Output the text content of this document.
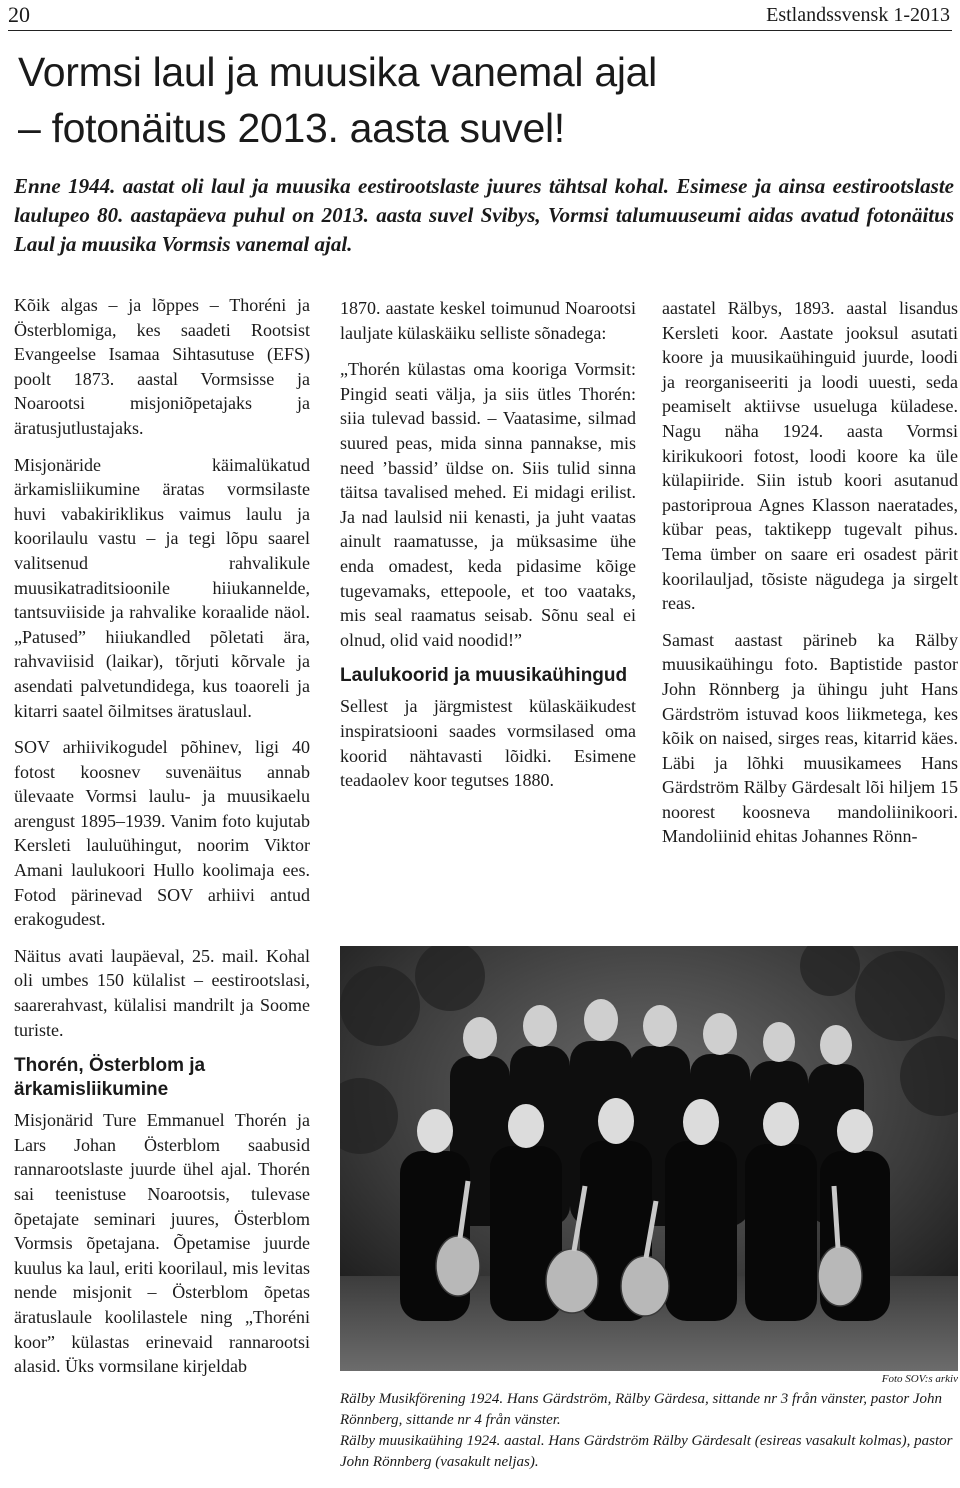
20	Estlandssvensk 1-2013
Vormsi laul ja muusika vanemal ajal
– fotonäitus 2013. aasta suvel!

Enne 1944. aastat oli laul ja muusika eestirootslaste juures tähtsal kohal. Esimese ja ainsa eestirootslaste laulupeo 80. aastapäeva puhul on 2013. aasta suvel Svibys, Vormsi talumuuseumi aidas avatud fotonäitus Laul ja muusika Vormsis vanemal ajal.

Kõik algas – ja lõppes – Thoréni ja Österblomiga, kes saadeti Rootsist Evangeelse Isamaa Sihtasutuse (EFS) poolt 1873. aastal Vormsisse ja Noarootsi misjoniõpetajaks ja äratusjutlustajaks.

Misjonäride käimalükatud ärkamisliikumine äratas vormsilaste huvi vabakiriklikus vaimus laulu ja koorilaulu vastu – ja tegi lõpu saarel valitsenud rahvalikule muusikatraditsioonile hiiukannelde, tantsuviiside ja rahvalike koraalide näol. „Patused” hiiukandled põletati ära, rahvaviisid (laikar), tõrjuti kõrvale ja asendati palvetundidega, kus toaoreli ja kitarri saatel õilmitses äratuslaul.

SOV arhiivikogudel põhinev, ligi 40 fotost koosnev suvenäitus annab ülevaate Vormsi laulu- ja muusikaelu arengust 1895–1939. Vanim foto kujutab Kersleti lauluühingut, noorim Viktor Amani laulukoori Hullo koolimaja ees. Fotod pärinevad SOV arhiivi antud erakogudest.

Näitus avati laupäeval, 25. mail. Kohal oli umbes 150 külalist – eestirootslasi, saarerahvast, külalisi mandrilt ja Soome turiste.

Thorén, Österblom ja ärkamisliikumine

Misjonärid Ture Emmanuel Thorén ja Lars Johan Österblom saabusid rannarootslaste juurde ühel ajal. Thorén sai teenistuse Noarootsis, tulevase õpetajate seminari juures, Österblom Vormsis õpetajana. Õpetamise juurde kuulus ka laul, eriti koorilaul, mis levitas nende misjonit – Österblom õpetas äratuslaule koolilastele ning „Thoréni koor” külastas erinevaid rannarootsi alasid. Üks vormsilane kirjeldab

1870. aastate keskel toimunud Noarootsi lauljate külaskäiku selliste sõnadega:

„Thorén külastas oma kooriga Vormsit: Pingid seati välja, ja siis ütles Thorén: siia tulevad bassid. – Vaatasime, silmad suured peas, mida sinna pannakse, mis need ’bassid’ üldse on. Siis tulid sinna täitsa tavalised mehed. Ei midagi erilist. Ja nad laulsid nii kenasti, ja juht vaatas ainult raamatusse, ja müksasime ühe enda omadest, keda pidasime kõige tugevamaks, ettepoole, et too vaataks, mis seal raamatus seisab. Sõnu seal ei olnud, olid vaid noodid!”

Laulukoorid ja muusikaühingud

Sellest ja järgmistest külaskäikudest inspiratsiooni saades vormsilased oma koorid nähtavasti lõidki. Esimene teadaolev koor tegutses 1880.

aastatel Rälbys, 1893. aastal lisandus Kersleti koor. Aastate jooksul asutati koore ja muusikaühinguid juurde, loodi ja reorganiseeriti ja loodi uuesti, seda peamiselt aktiivse usueluga küladese. Nagu näha 1924. aasta Vormsi kirikukoori fotost, loodi koore ka üle külapiiride. Siin istub koori asutanud pastoriproua Agnes Klasson naeratades, kübar peas, taktikepp tugevalt pihus. Tema ümber on saare eri osadest pärit koorilauljad, tõsiste nägudega ja sirgelt reas.

Samast aastast pärineb ka Rälby muusikaühingu foto. Baptistide pastor John Rönnberg ja ühingu juht Hans Gärdström istuvad koos liikmetega, kes kõik on naised, sirges reas, kitarrid käes. Läbi ja lõhki muusikamees Hans Gärdström Rälby Gärdesalt lõi hiljem 15 noorest koosneva mandoliinikoori. Mandoliinid ehitas Johannes Rönn-

Foto SOV:s arkiv
Rälby Musikförening 1924. Hans Gärdström, Rälby Gärdesa, sittande nr 3 från vänster, pastor John Rönnberg, sittande nr 4 från vänster.
Rälby muusikaühing 1924. aastal. Hans Gärdström Rälby Gärdesalt (esireas vasakult kolmas), pastor John Rönnberg (vasakult neljas).
